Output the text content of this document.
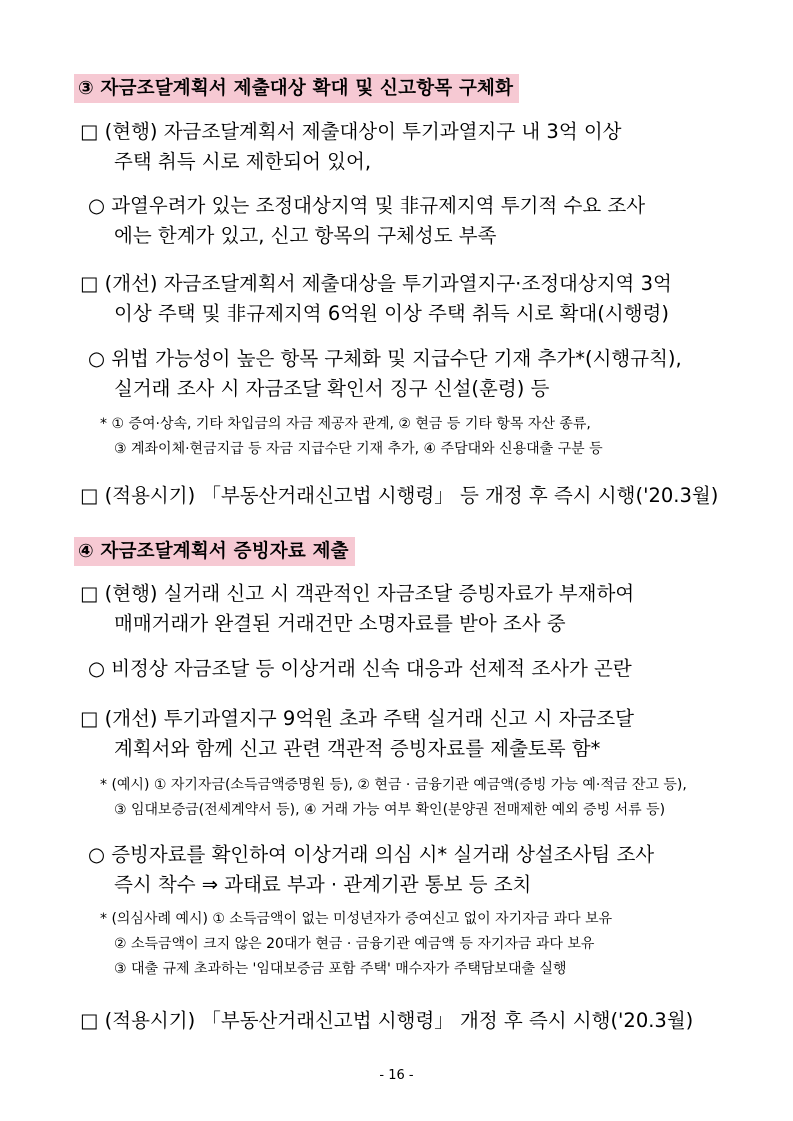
③ 자금조달계획서 제출대상 확대 및 신고항목 구체화
□ (현행) 자금조달계획서 제출대상이 투기과열지구 내 3억 이상
주택 취득 시로 제한되어 있어,
○ 과열우려가 있는 조정대상지역 및 非규제지역 투기적 수요 조사
에는 한계가 있고, 신고 항목의 구체성도 부족
□ (개선) 자금조달계획서 제출대상을 투기과열지구·조정대상지역 3억
이상 주택 및 非규제지역 6억원 이상 주택 취득 시로 확대(시행령)
○ 위법 가능성이 높은 항목 구체화 및 지급수단 기재 추가*(시행규칙),
실거래 조사 시 자금조달 확인서 징구 신설(훈령) 등
* ① 증여·상속, 기타 차입금의 자금 제공자 관계, ② 현금 등 기타 항목 자산 종류,
③ 계좌이체·현금지급 등 자금 지급수단 기재 추가, ④ 주담대와 신용대출 구분 등
□ (적용시기) 「부동산거래신고법 시행령」 등 개정 후 즉시 시행('20.3월)
④ 자금조달계획서 증빙자료 제출
□ (현행) 실거래 신고 시 객관적인 자금조달 증빙자료가 부재하여
매매거래가 완결된 거래건만 소명자료를 받아 조사 중
○ 비정상 자금조달 등 이상거래 신속 대응과 선제적 조사가 곤란
□ (개선) 투기과열지구 9억원 초과 주택 실거래 신고 시 자금조달
계획서와 함께 신고 관련 객관적 증빙자료를 제출토록 함*
* (예시) ① 자기자금(소득금액증명원 등), ② 현금 · 금융기관 예금액(증빙 가능 예·적금 잔고 등),
③ 임대보증금(전세계약서 등), ④ 거래 가능 여부 확인(분양권 전매제한 예외 증빙 서류 등)
○ 증빙자료를 확인하여 이상거래 의심 시* 실거래 상설조사팀 조사
즉시 착수 ⇒ 과태료 부과 · 관계기관 통보 등 조치
* (의심사례 예시) ① 소득금액이 없는 미성년자가 증여신고 없이 자기자금 과다 보유
② 소득금액이 크지 않은 20대가 현금 · 금융기관 예금액 등 자기자금 과다 보유
③ 대출 규제 초과하는 '임대보증금 포함 주택' 매수자가 주택담보대출 실행
□ (적용시기) 「부동산거래신고법 시행령」 개정 후 즉시 시행('20.3월)
- 16 -
